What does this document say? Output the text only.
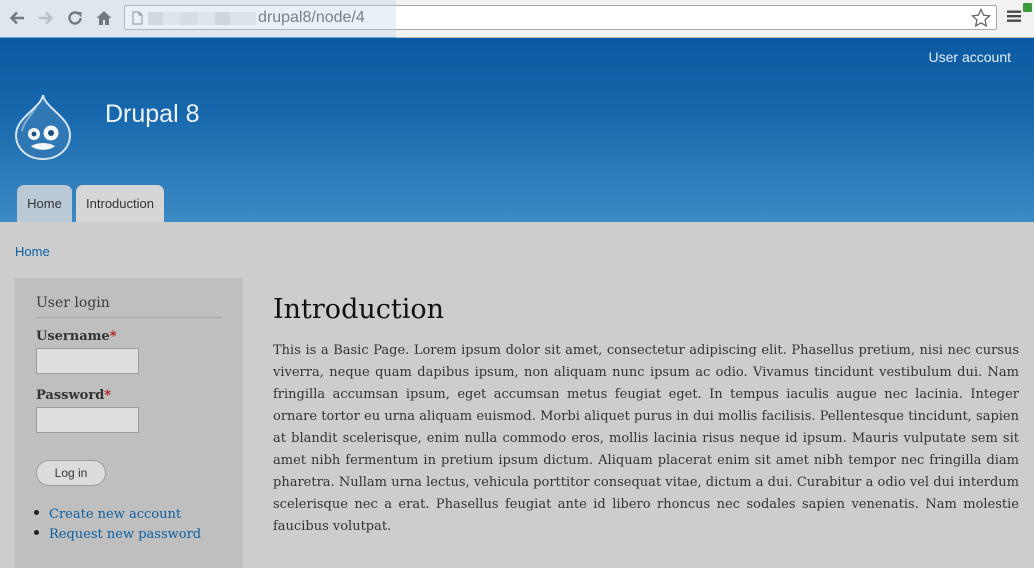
drupal8/node/4
User account
Drupal 8
Home	Introduction
Home
User login
Username*
Password*
Log in
Create new account
Request new password
Introduction

This is a Basic Page. Lorem ipsum dolor sit amet, consectetur adipiscing elit. Phasellus pretium, nisi nec cursus viverra, neque quam dapibus ipsum, non aliquam nunc ipsum ac odio. Vivamus tincidunt vestibulum dui. Nam fringilla accumsan ipsum, eget accumsan metus feugiat eget. In tempus iaculis augue nec lacinia. Integer ornare tortor eu urna aliquam euismod. Morbi aliquet purus in dui mollis facilisis. Pellentesque tincidunt, sapien at blandit scelerisque, enim nulla commodo eros, mollis lacinia risus neque id ipsum. Mauris vulputate sem sit amet nibh fermentum in pretium ipsum dictum. Aliquam placerat enim sit amet nibh tempor nec fringilla diam pharetra. Nullam urna lectus, vehicula porttitor consequat vitae, dictum a dui. Curabitur a odio vel dui interdum scelerisque nec a erat. Phasellus feugiat ante id libero rhoncus nec sodales sapien venenatis. Nam molestie faucibus volutpat.
